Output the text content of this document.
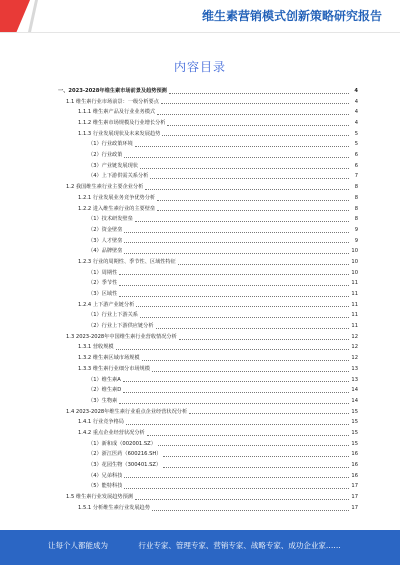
维生素营销模式创新策略研究报告
内容目录
一、2023-2028年维生素市场前景及趋势预测	4
1.1 维生素行业市场前景：一级分析要点	4
1.1.1 维生素产品及行业业务模式	4
1.1.2 维生素市场规模及行业增长分析	4
1.1.3 行业发展现状及未来发展趋势	5
（1）行业政策环境	5
（2）行业政策	6
（3）产业链发展现状	6
（4）上下游供需关系分析	7
1.2 我国维生素行业主要企业分析	8
1.2.1 行业发展业务竞争优势分析	8
1.2.2 进入维生素行业的主要壁垒	8
（1）技术研发壁垒	8
（2）资金壁垒	9
（3）人才壁垒	9
（4）品牌壁垒	10
1.2.3 行业的周期性、季节性、区域性特征	10
（1）周期性	10
（2）季节性	11
（3）区域性	11
1.2.4 上下游产业链分析	11
（1）行业上下游关系	11
（2）行业上下游供应链分析	11
1.3 2023-2028年中国维生素行业营收情况分析	12
1.3.1 营收规模	12
1.3.2 维生素区域市场规模	12
1.3.3 维生素行业细分市场规模	13
（1）维生素A	13
（2）维生素D	14
（3）生物素	14
1.4 2023-2028年维生素行业重点企业经营状况分析	15
1.4.1 行业竞争格局	15
1.4.2 重点企业经营状况分析	15
（1）新和成（002001.SZ）	15
（2）浙江医药（600216.SH）	16
（3）花园生物（300401.SZ）	16
（4）兄弟科技	16
（5）能特科技	17
1.5 维生素行业发展趋势预测	17
1.5.1 分析维生素行业发展趋势	17
让每个人都能成为	行业专家、管理专家、营销专家、战略专家、成功企业家……
